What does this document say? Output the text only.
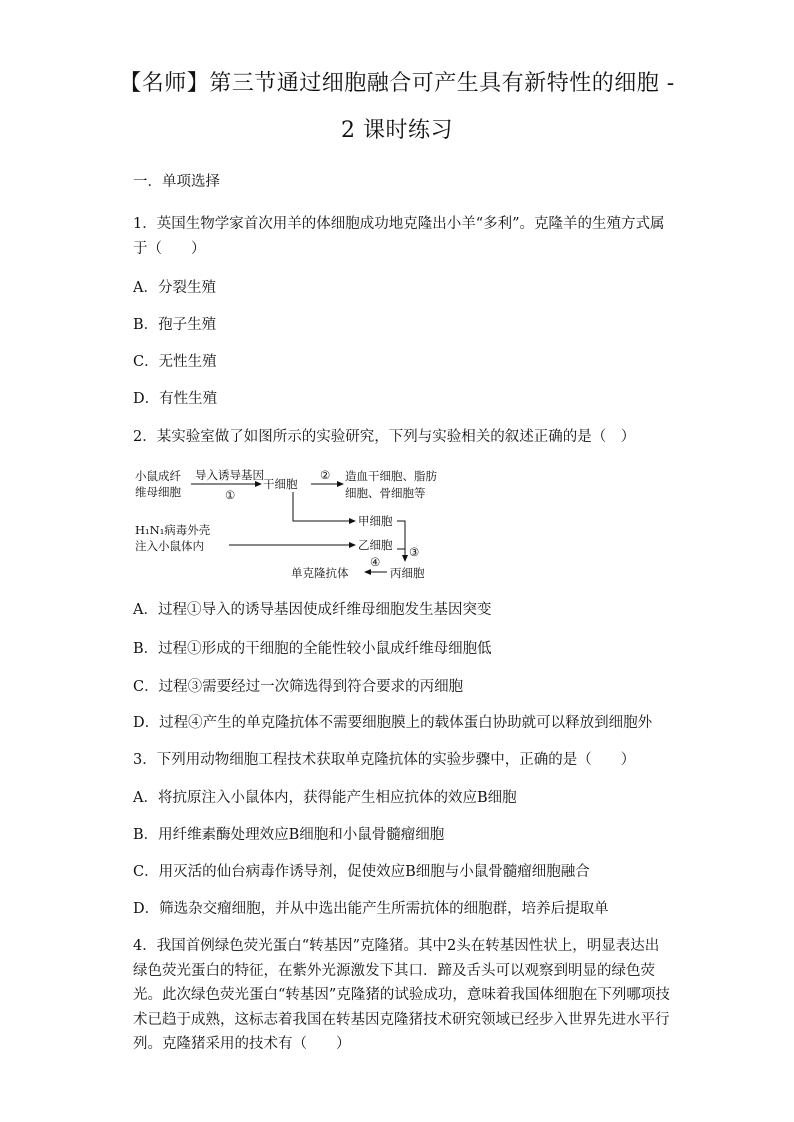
【名师】第三节通过细胞融合可产生具有新特性的细胞 -
2 课时练习
一．单项选择
1．英国生物学家首次用羊的体细胞成功地克隆出小羊“多利”。克隆羊的生殖方式属于（　　）
A．分裂生殖
B．孢子生殖
C．无性生殖
D．有性生殖
2．某实验室做了如图所示的实验研究，下列与实验相关的叙述正确的是（　）
小鼠成纤
维母细胞
导入诱导基因
①
干细胞
② 造血干细胞、脂肪
细胞、骨细胞等
甲细胞
H₁N₁病毒外壳
注入小鼠体内	乙细胞 ③
丙细胞
④
单克隆抗体
A．过程①导入的诱导基因使成纤维母细胞发生基因突变
B．过程①形成的干细胞的全能性较小鼠成纤维母细胞低
C．过程③需要经过一次筛选得到符合要求的丙细胞
D．过程④产生的单克隆抗体不需要细胞膜上的载体蛋白协助就可以释放到细胞外
3．下列用动物细胞工程技术获取单克隆抗体的实验步骤中，正确的是（　　）
A．将抗原注入小鼠体内，获得能产生相应抗体的效应B细胞
B．用纤维素酶处理效应B细胞和小鼠骨髓瘤细胞
C．用灭活的仙台病毒作诱导剂，促使效应B细胞与小鼠骨髓瘤细胞融合
D．筛选杂交瘤细胞，并从中选出能产生所需抗体的细胞群，培养后提取单
4．我国首例绿色荧光蛋白“转基因”克隆猪。其中2头在转基因性状上，明显表达出绿色荧光蛋白的特征，在紫外光源激发下其口．蹄及舌头可以观察到明显的绿色荧光。此次绿色荧光蛋白“转基因”克隆猪的试验成功，意味着我国体细胞在下列哪项技术已趋于成熟，这标志着我国在转基因克隆猪技术研究领域已经步入世界先进水平行列。克隆猪采用的技术有（　　）
